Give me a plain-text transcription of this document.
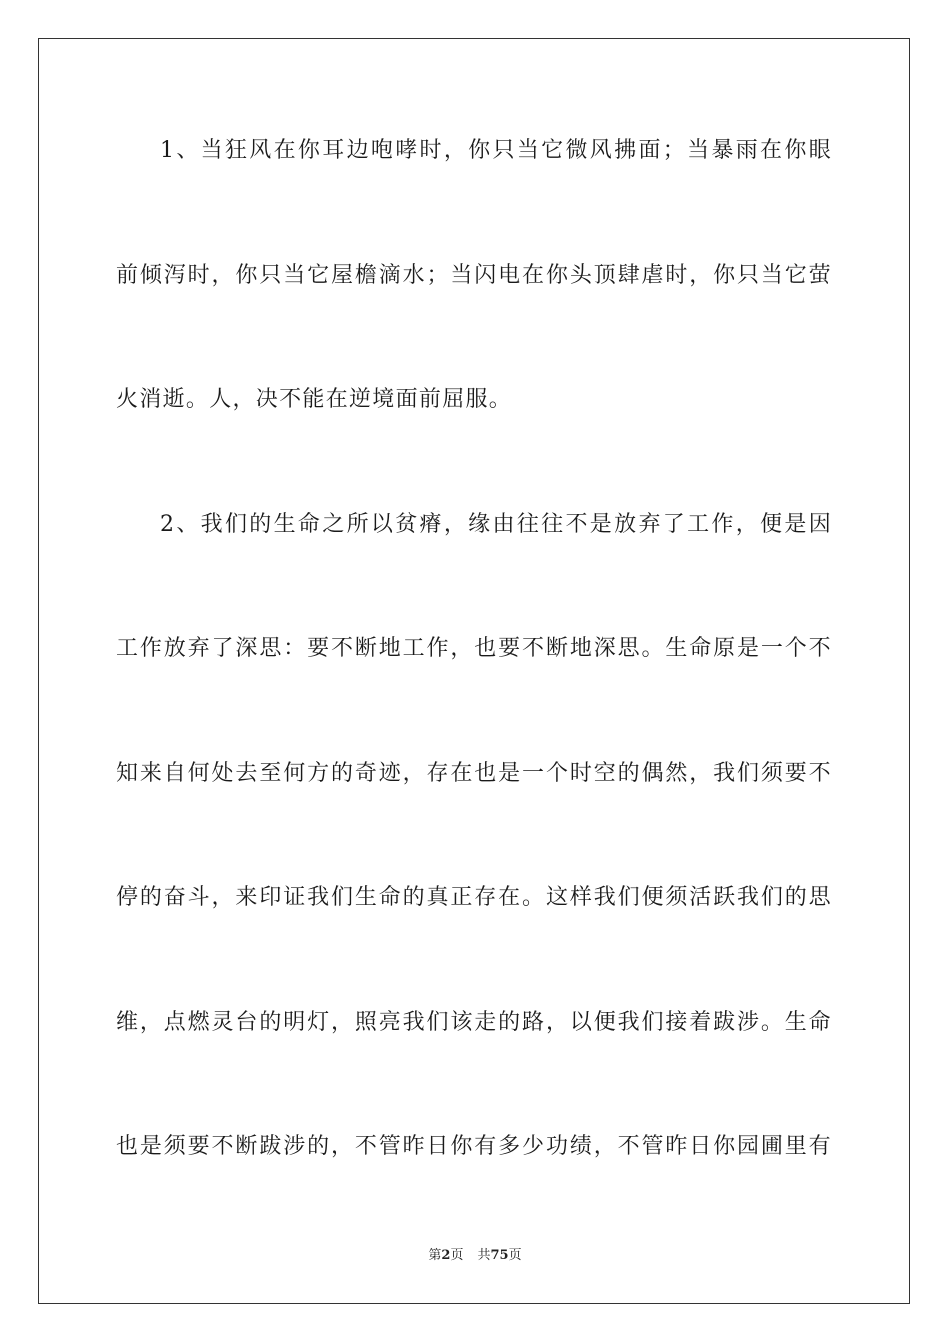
1、当狂风在你耳边咆哮时，你只当它微风拂面；当暴雨在你眼
前倾泻时，你只当它屋檐滴水；当闪电在你头顶肆虐时，你只当它萤
火消逝。人，决不能在逆境面前屈服。
2、我们的生命之所以贫瘠，缘由往往不是放弃了工作，便是因
工作放弃了深思：要不断地工作，也要不断地深思。生命原是一个不
知来自何处去至何方的奇迹，存在也是一个时空的偶然，我们须要不
停的奋斗，来印证我们生命的真正存在。这样我们便须活跃我们的思
维，点燃灵台的明灯，照亮我们该走的路，以便我们接着跋涉。生命
也是须要不断跋涉的，不管昨日你有多少功绩，不管昨日你园圃里有
第2页 共75页
